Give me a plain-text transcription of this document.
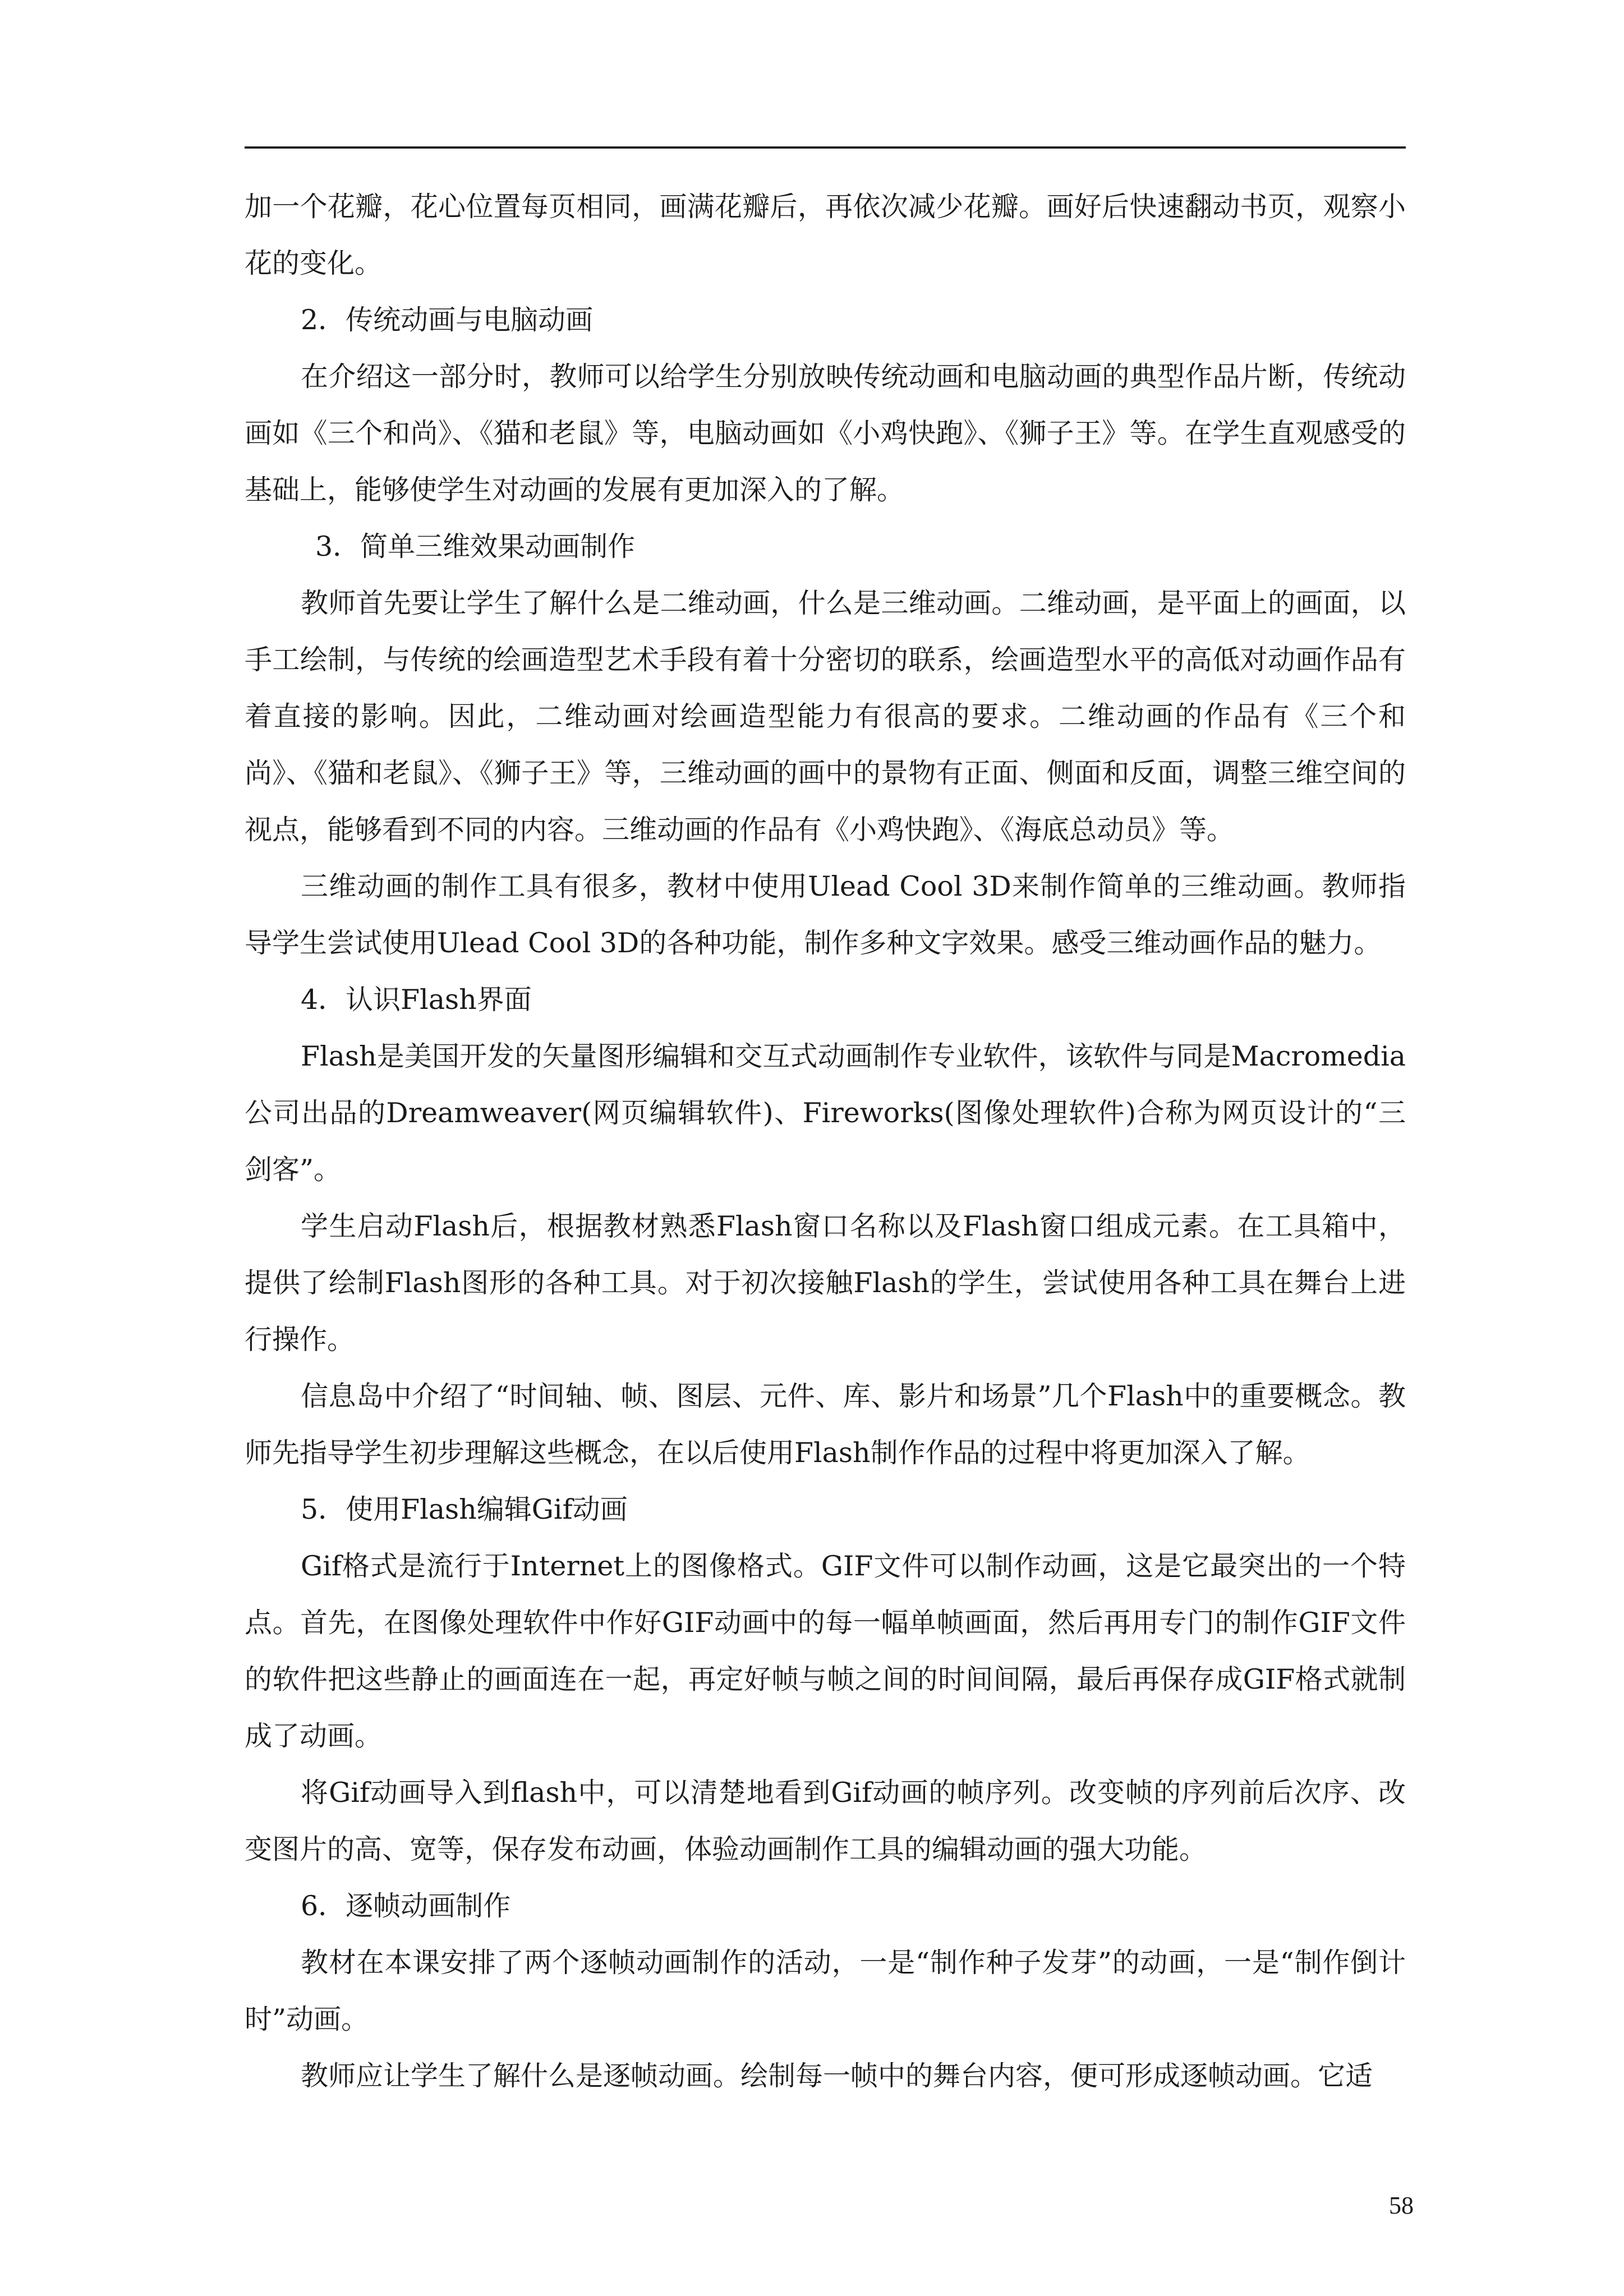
加一个花瓣，花心位置每页相同，画满花瓣后，再依次减少花瓣。画好后快速翻动书页，观察小花的变化。

2．传统动画与电脑动画

在介绍这一部分时，教师可以给学生分别放映传统动画和电脑动画的典型作品片断，传统动画如《三个和尚》、《猫和老鼠》等，电脑动画如《小鸡快跑》、《狮子王》等。在学生直观感受的基础上，能够使学生对动画的发展有更加深入的了解。

3．简单三维效果动画制作

教师首先要让学生了解什么是二维动画，什么是三维动画。二维动画，是平面上的画面，以手工绘制，与传统的绘画造型艺术手段有着十分密切的联系，绘画造型水平的高低对动画作品有着直接的影响。因此，二维动画对绘画造型能力有很高的要求。二维动画的作品有《三个和尚》、《猫和老鼠》、《狮子王》等，三维动画的画中的景物有正面、侧面和反面，调整三维空间的视点，能够看到不同的内容。三维动画的作品有《小鸡快跑》、《海底总动员》等。

三维动画的制作工具有很多，教材中使用Ulead Cool 3D来制作简单的三维动画。教师指导学生尝试使用Ulead Cool 3D的各种功能，制作多种文字效果。感受三维动画作品的魅力。

4．认识Flash界面

Flash是美国开发的矢量图形编辑和交互式动画制作专业软件，该软件与同是Macromedia公司出品的Dreamweaver(网页编辑软件)、Fireworks(图像处理软件)合称为网页设计的“三剑客”。

学生启动Flash后，根据教材熟悉Flash窗口名称以及Flash窗口组成元素。在工具箱中，提供了绘制Flash图形的各种工具。对于初次接触Flash的学生，尝试使用各种工具在舞台上进行操作。

信息岛中介绍了“时间轴、帧、图层、元件、库、影片和场景”几个Flash中的重要概念。教师先指导学生初步理解这些概念，在以后使用Flash制作作品的过程中将更加深入了解。

5．使用Flash编辑Gif动画

Gif格式是流行于Internet上的图像格式。GIF文件可以制作动画，这是它最突出的一个特点。首先，在图像处理软件中作好GIF动画中的每一幅单帧画面，然后再用专门的制作GIF文件的软件把这些静止的画面连在一起，再定好帧与帧之间的时间间隔，最后再保存成GIF格式就制成了动画。

将Gif动画导入到flash中，可以清楚地看到Gif动画的帧序列。改变帧的序列前后次序、改变图片的高、宽等，保存发布动画，体验动画制作工具的编辑动画的强大功能。

6．逐帧动画制作

教材在本课安排了两个逐帧动画制作的活动，一是“制作种子发芽”的动画，一是“制作倒计时”动画。

教师应让学生了解什么是逐帧动画。绘制每一帧中的舞台内容，便可形成逐帧动画。它适

58
